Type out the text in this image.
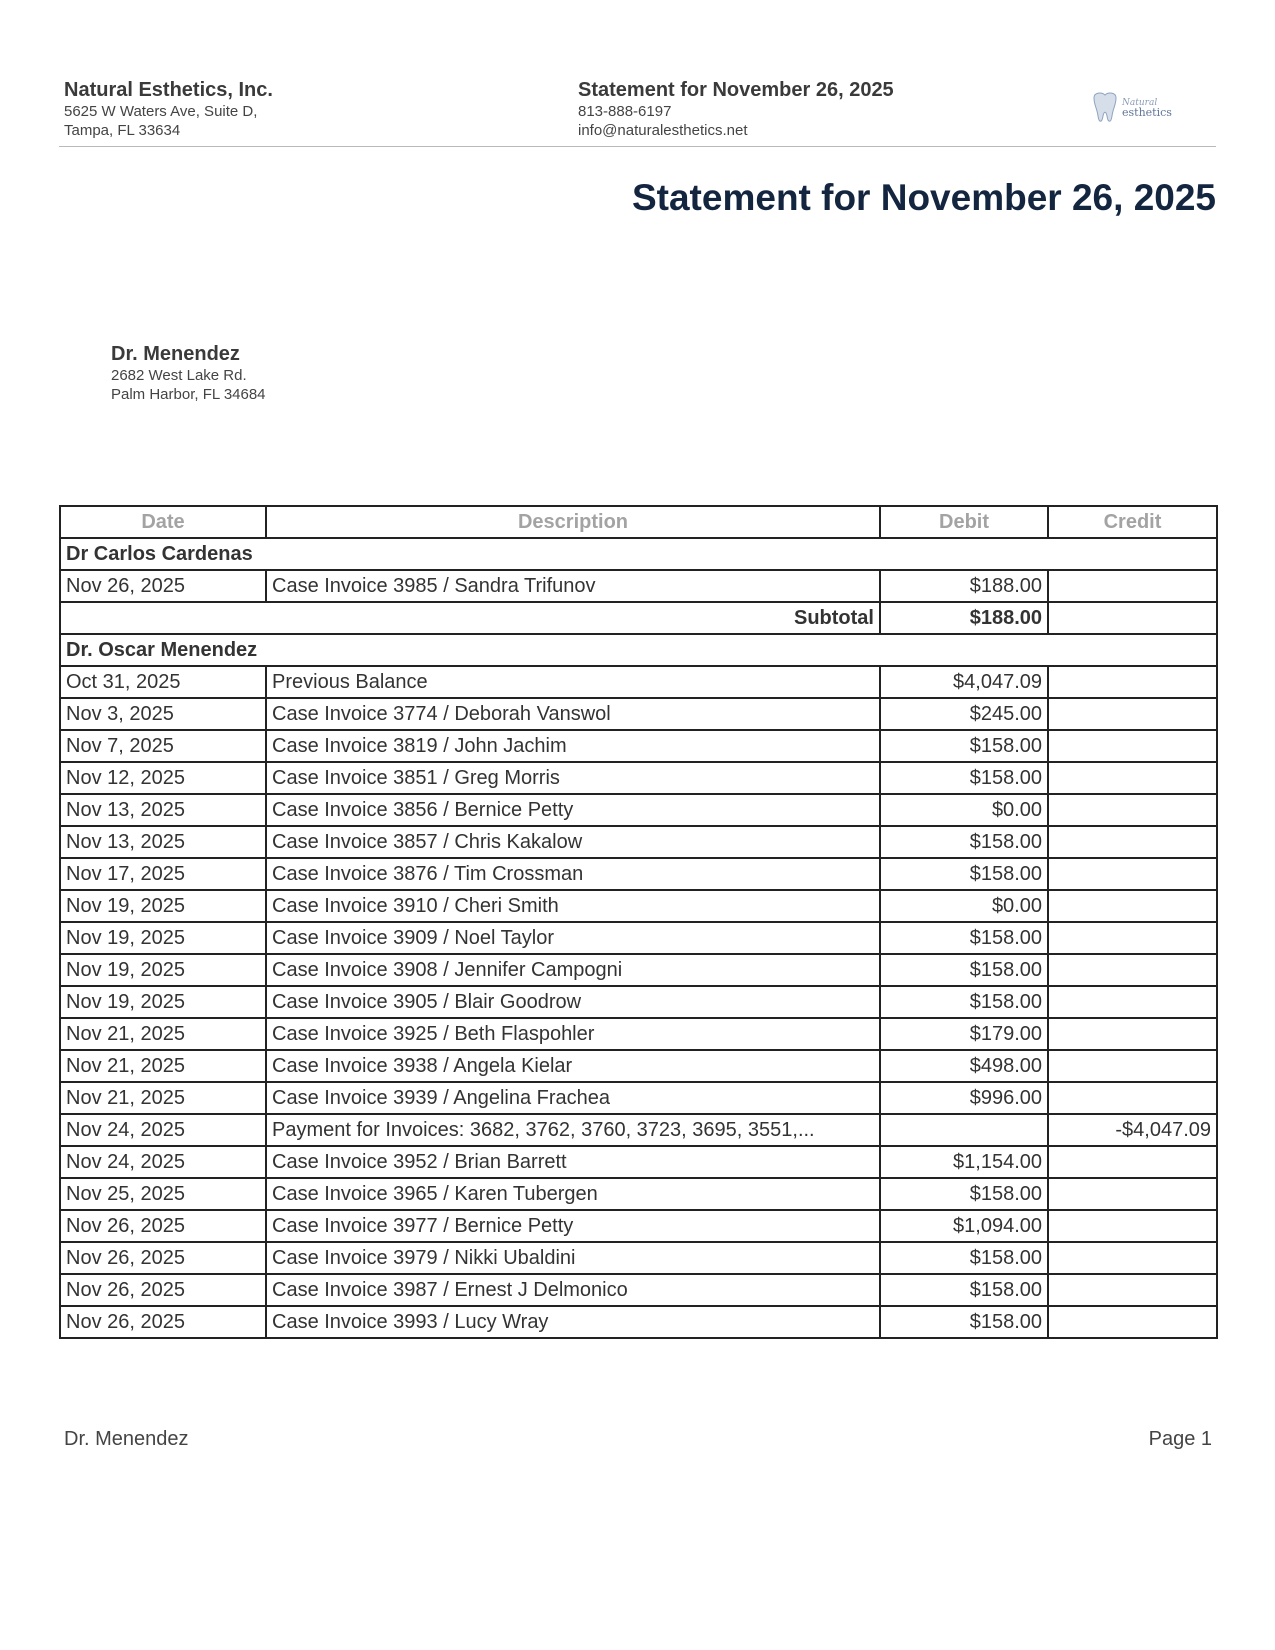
Natural Esthetics, Inc.
5625 W Waters Ave, Suite D,
Tampa, FL 33634
Statement for November 26, 2025
813-888-6197
info@naturalesthetics.net
Natural
esthetics
Statement for November 26, 2025
Dr. Menendez
2682 West Lake Rd.
Palm Harbor, FL 34684
Date	Description	Debit	Credit
Dr Carlos Cardenas			
Nov 26, 2025	Case Invoice 3985 / Sandra Trifunov	$188.00	
Subtotal		$188.00	
Dr. Oscar Menendez			
Oct 31, 2025	Previous Balance	$4,047.09	
Nov 3, 2025	Case Invoice 3774 / Deborah Vanswol	$245.00	
Nov 7, 2025	Case Invoice 3819 / John Jachim	$158.00	
Nov 12, 2025	Case Invoice 3851 / Greg Morris	$158.00	
Nov 13, 2025	Case Invoice 3856 / Bernice Petty	$0.00	
Nov 13, 2025	Case Invoice 3857 / Chris Kakalow	$158.00	
Nov 17, 2025	Case Invoice 3876 / Tim Crossman	$158.00	
Nov 19, 2025	Case Invoice 3910 / Cheri Smith	$0.00	
Nov 19, 2025	Case Invoice 3909 / Noel Taylor	$158.00	
Nov 19, 2025	Case Invoice 3908 / Jennifer Campogni	$158.00	
Nov 19, 2025	Case Invoice 3905 / Blair Goodrow	$158.00	
Nov 21, 2025	Case Invoice 3925 / Beth Flaspohler	$179.00	
Nov 21, 2025	Case Invoice 3938 / Angela Kielar	$498.00	
Nov 21, 2025	Case Invoice 3939 / Angelina Frachea	$996.00	
Nov 24, 2025	Payment for Invoices: 3682, 3762, 3760, 3723, 3695, 3551,...		-$4,047.09
Nov 24, 2025	Case Invoice 3952 / Brian Barrett	$1,154.00	
Nov 25, 2025	Case Invoice 3965 / Karen Tubergen	$158.00	
Nov 26, 2025	Case Invoice 3977 / Bernice Petty	$1,094.00	
Nov 26, 2025	Case Invoice 3979 / Nikki Ubaldini	$158.00	
Nov 26, 2025	Case Invoice 3987 / Ernest J Delmonico	$158.00	
Nov 26, 2025	Case Invoice 3993 / Lucy Wray	$158.00	
Dr. Menendez	Page 1
